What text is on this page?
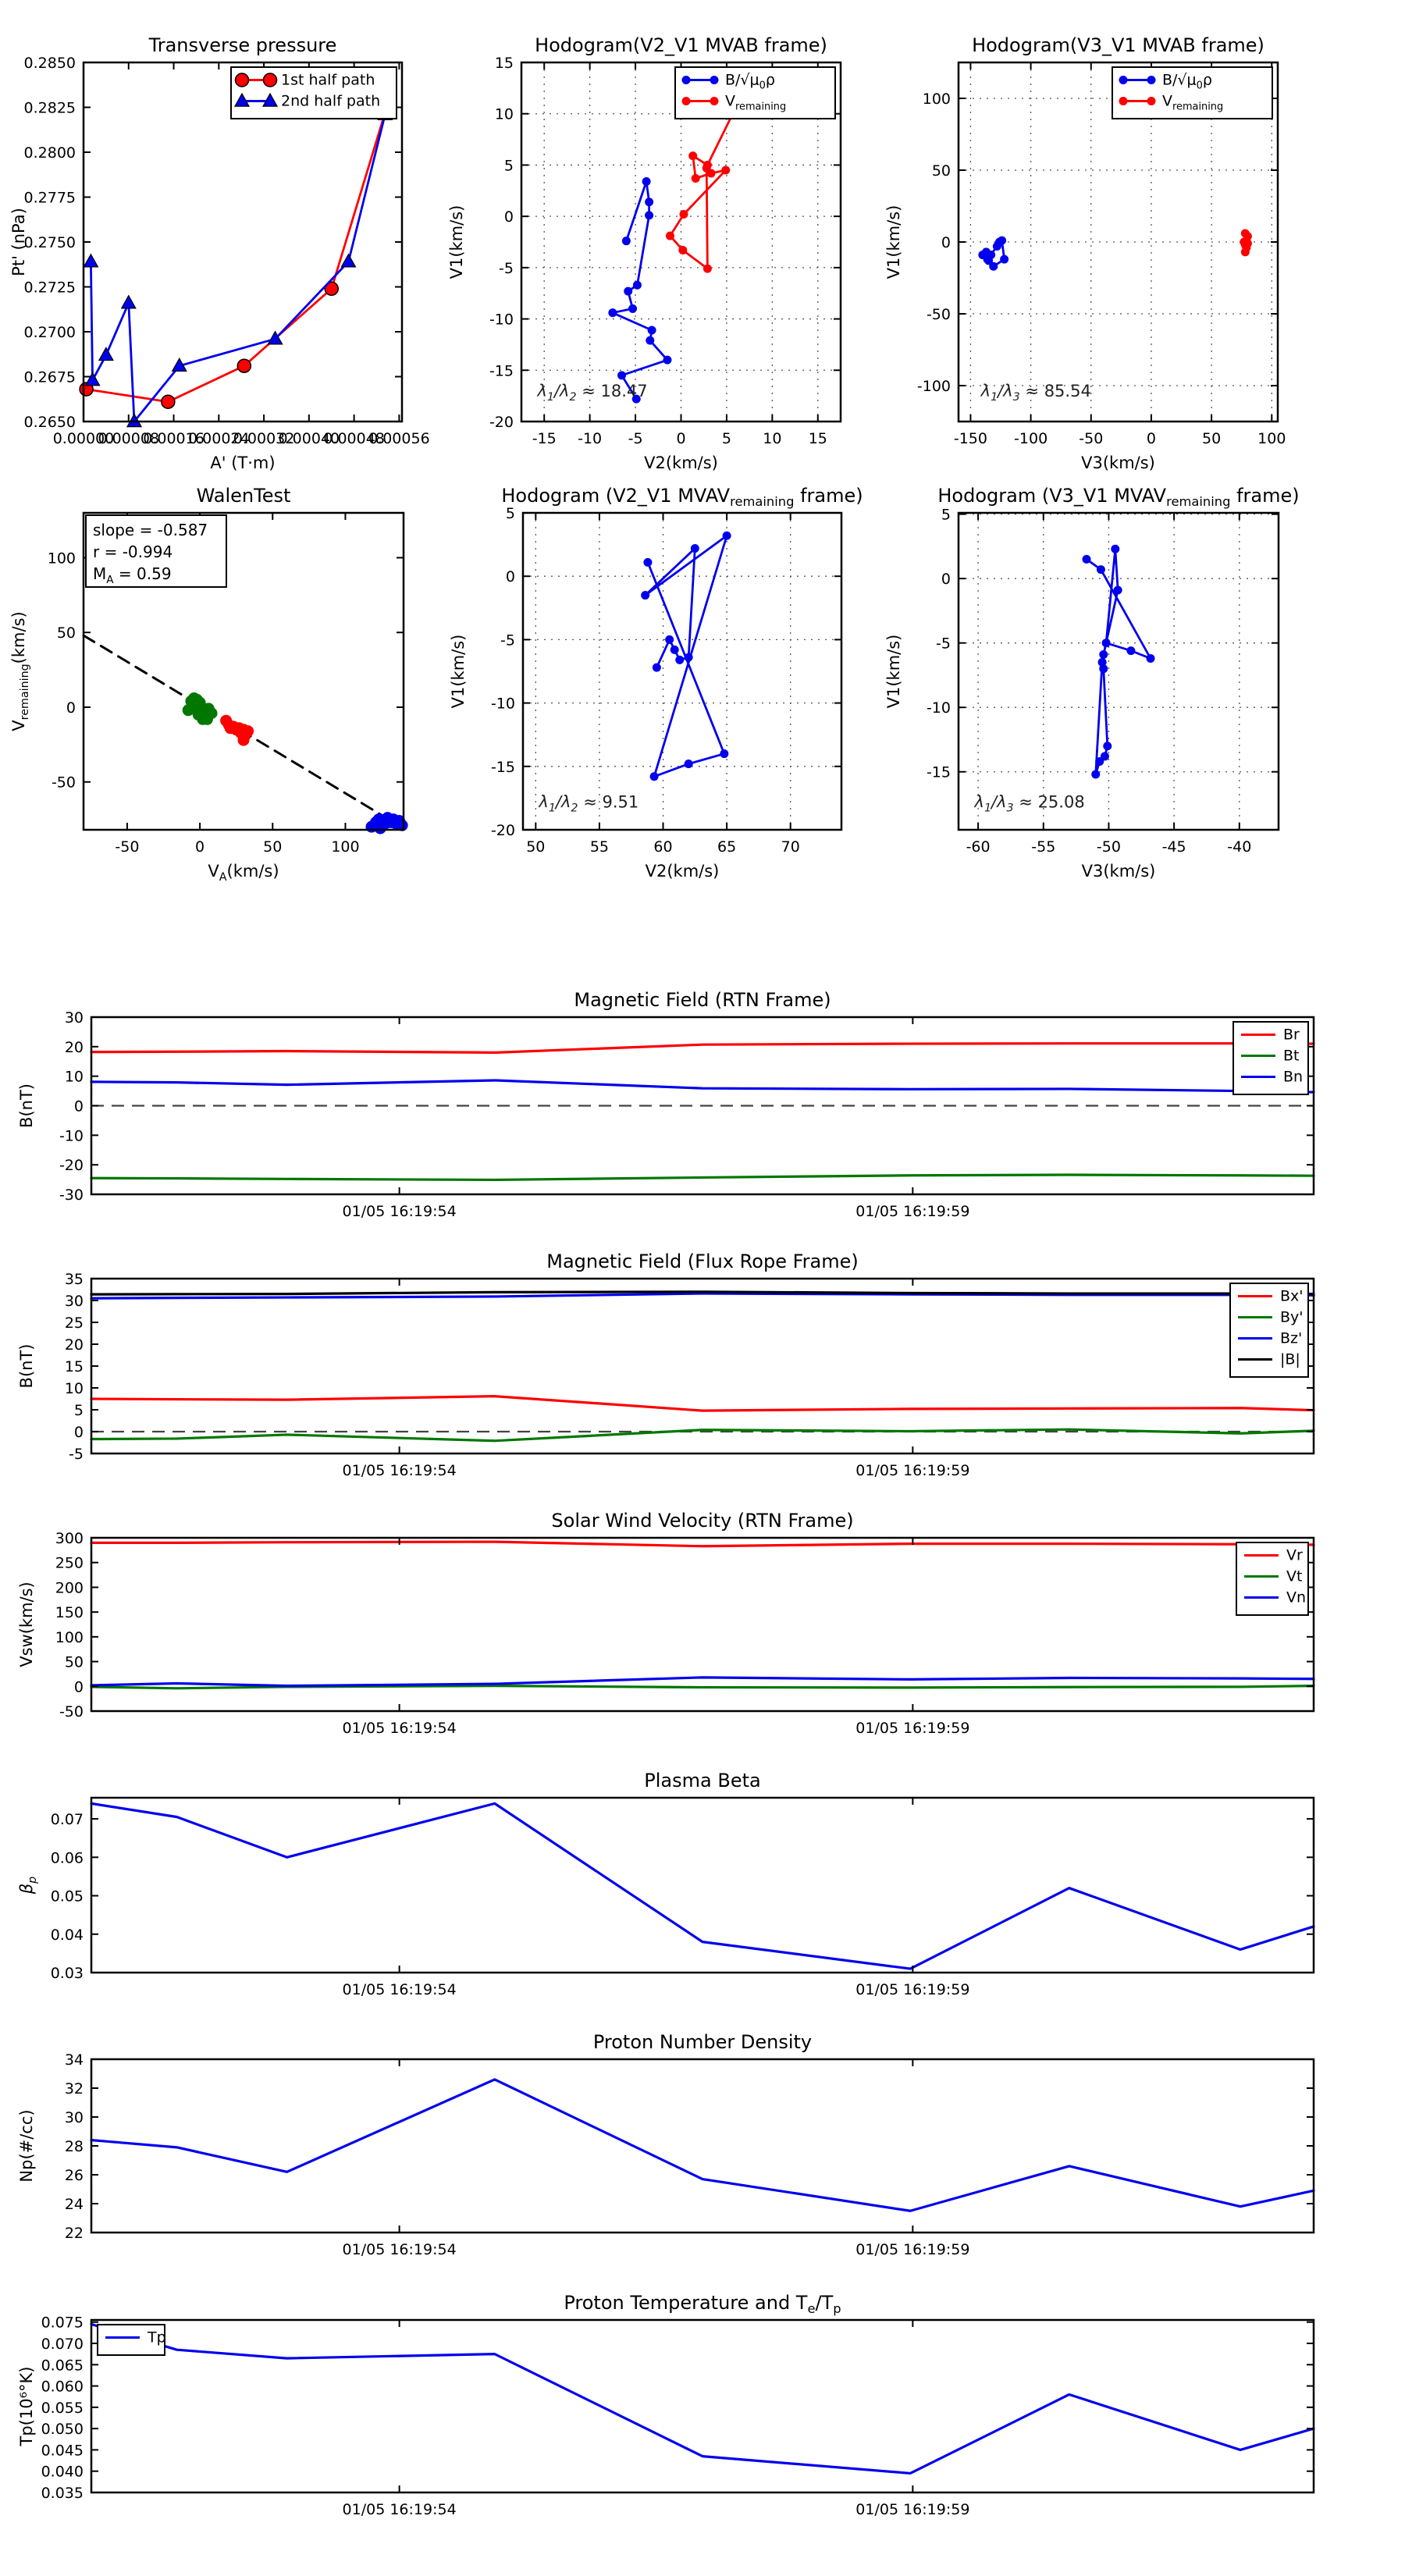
0.00000
0.00008
0.00016
0.00024
0.00032
0.00040
0.00048
0.00056
0.2650
0.2675
0.2700
0.2725
0.2750
0.2775
0.2800
0.2825
0.2850
Transverse pressure
A' (T·m)
Pt' (nPa)
1st half path
2nd half path
-15 -10 -5 0 5 10 15
-20
-15
-10
-5
0
5
10
15
Hodogram(V2_V1 MVAB frame)
V2(km/s)
V1(km/s)
$\lambda_1/\lambda_2 \approx 18.47$
$B/√\mu_0\rho$
$V_{remaining}$
-150 -100 -50	0	50 100
-100
-50
0
50
100
Hodogram(V3_V1 MVAB frame)
V3(km/s)
V1(km/s)
$\lambda_1/\lambda_3 \approx 85.54$
$B/√\mu_0\rho$
$V_{remaining}$
-50	0	50	100
-50
0
50
100
WalenTest
$V_A(km/s)$
$V_{remaining}(km/s)$
slope = -0.587
r = -0.994
$M_A = 0.59$
50	55	60	65	70
-20
-15
-10
-5
0
5
Hodogram (V2_V1 $MVAV_{remaining}$ frame)
V2(km/s)
V1(km/s)
$\lambda_1/\lambda_2 \approx 9.51$
-60	-55	-50	-45	-40
-15
-10
-5
0
5
Hodogram (V3_V1 $MVAV_{remaining}$ frame)
V3(km/s)
V1(km/s)
$\lambda_1/\lambda_3 \approx 25.08$
01/05 16:19:54	01/05 16:19:59
-30
-20
-10
0
10
20
30
Magnetic Field (RTN Frame)
B(nT)
Br
Bt
Bn
01/05 16:19:54	01/05 16:19:59
-5
0
5
10
15
20
25
30
35
Magnetic Field (Flux Rope Frame)
B(nT)
Bx'
By'
Bz'
|B|
01/05 16:19:54	01/05 16:19:59
-50
0
50
100
150
200
250
300
Solar Wind Velocity (RTN Frame)
Vsw(km/s)
Vr
Vt
Vn
01/05 16:19:54	01/05 16:19:59
0.03
0.04
0.05
0.06
0.07
Plasma Beta
$\beta_p$
01/05 16:19:54	01/05 16:19:59
22
24
26
28
30
32
34
Proton Number Density
Np(#/cc)
01/05 16:19:54	01/05 16:19:59
0.035
0.040
0.045
0.050
0.055
0.060
0.065
0.070
0.075
Proton Temperature and $T_e/T_p$
Tp(10⁶°K)
Tp
